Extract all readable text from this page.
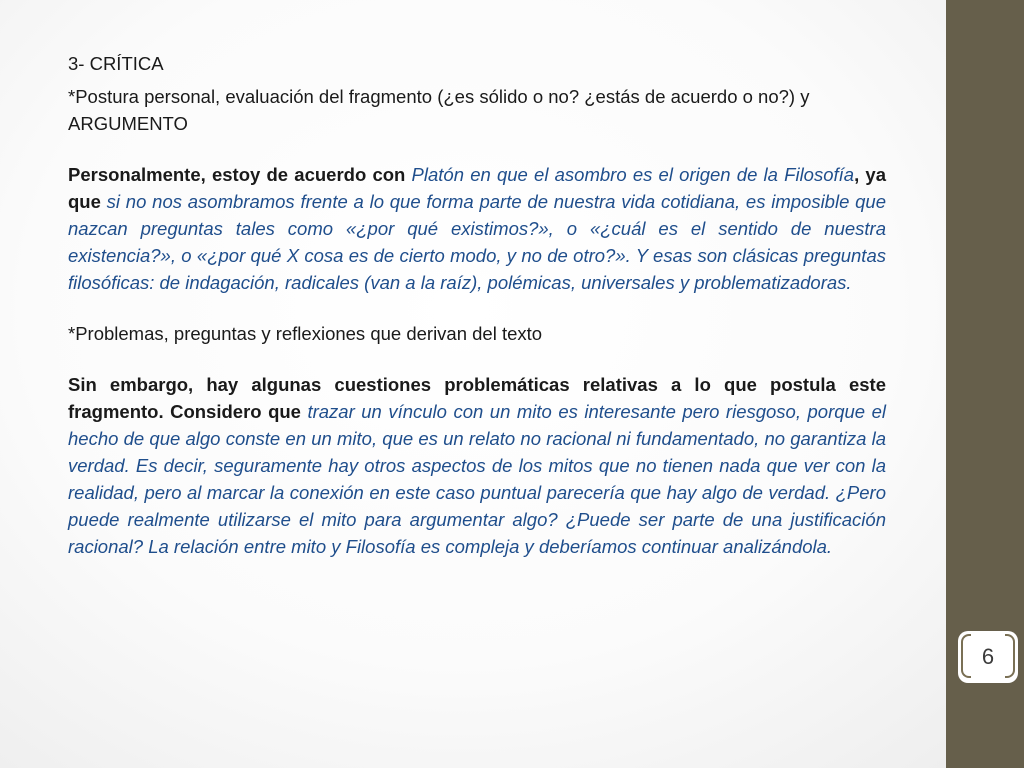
3- CRÍTICA

*Postura personal, evaluación del fragmento (¿es sólido o no? ¿estás de acuerdo o no?) y ARGUMENTO

Personalmente, estoy de acuerdo con Platón en que el asombro es el origen de la Filosofía, ya que si no nos asombramos frente a lo que forma parte de nuestra vida cotidiana, es imposible que nazcan preguntas tales como «¿por qué existimos?», o «¿cuál es el sentido de nuestra existencia?», o «¿por qué X cosa es de cierto modo, y no de otro?». Y esas son clásicas preguntas filosóficas: de indagación, radicales (van a la raíz), polémicas, universales y problematizadoras.

*Problemas, preguntas y reflexiones que derivan del texto

Sin embargo, hay algunas cuestiones problemáticas relativas a lo que postula este fragmento. Considero que trazar un vínculo con un mito es interesante pero riesgoso, porque el hecho de que algo conste en un mito, que es un relato no racional ni fundamentado, no garantiza la verdad. Es decir, seguramente hay otros aspectos de los mitos que no tienen nada que ver con la realidad, pero al marcar la conexión en este caso puntual parecería que hay algo de verdad. ¿Pero puede realmente utilizarse el mito para argumentar algo? ¿Puede ser parte de una justificación racional? La relación entre mito y Filosofía es compleja y deberíamos continuar analizándola.

6
